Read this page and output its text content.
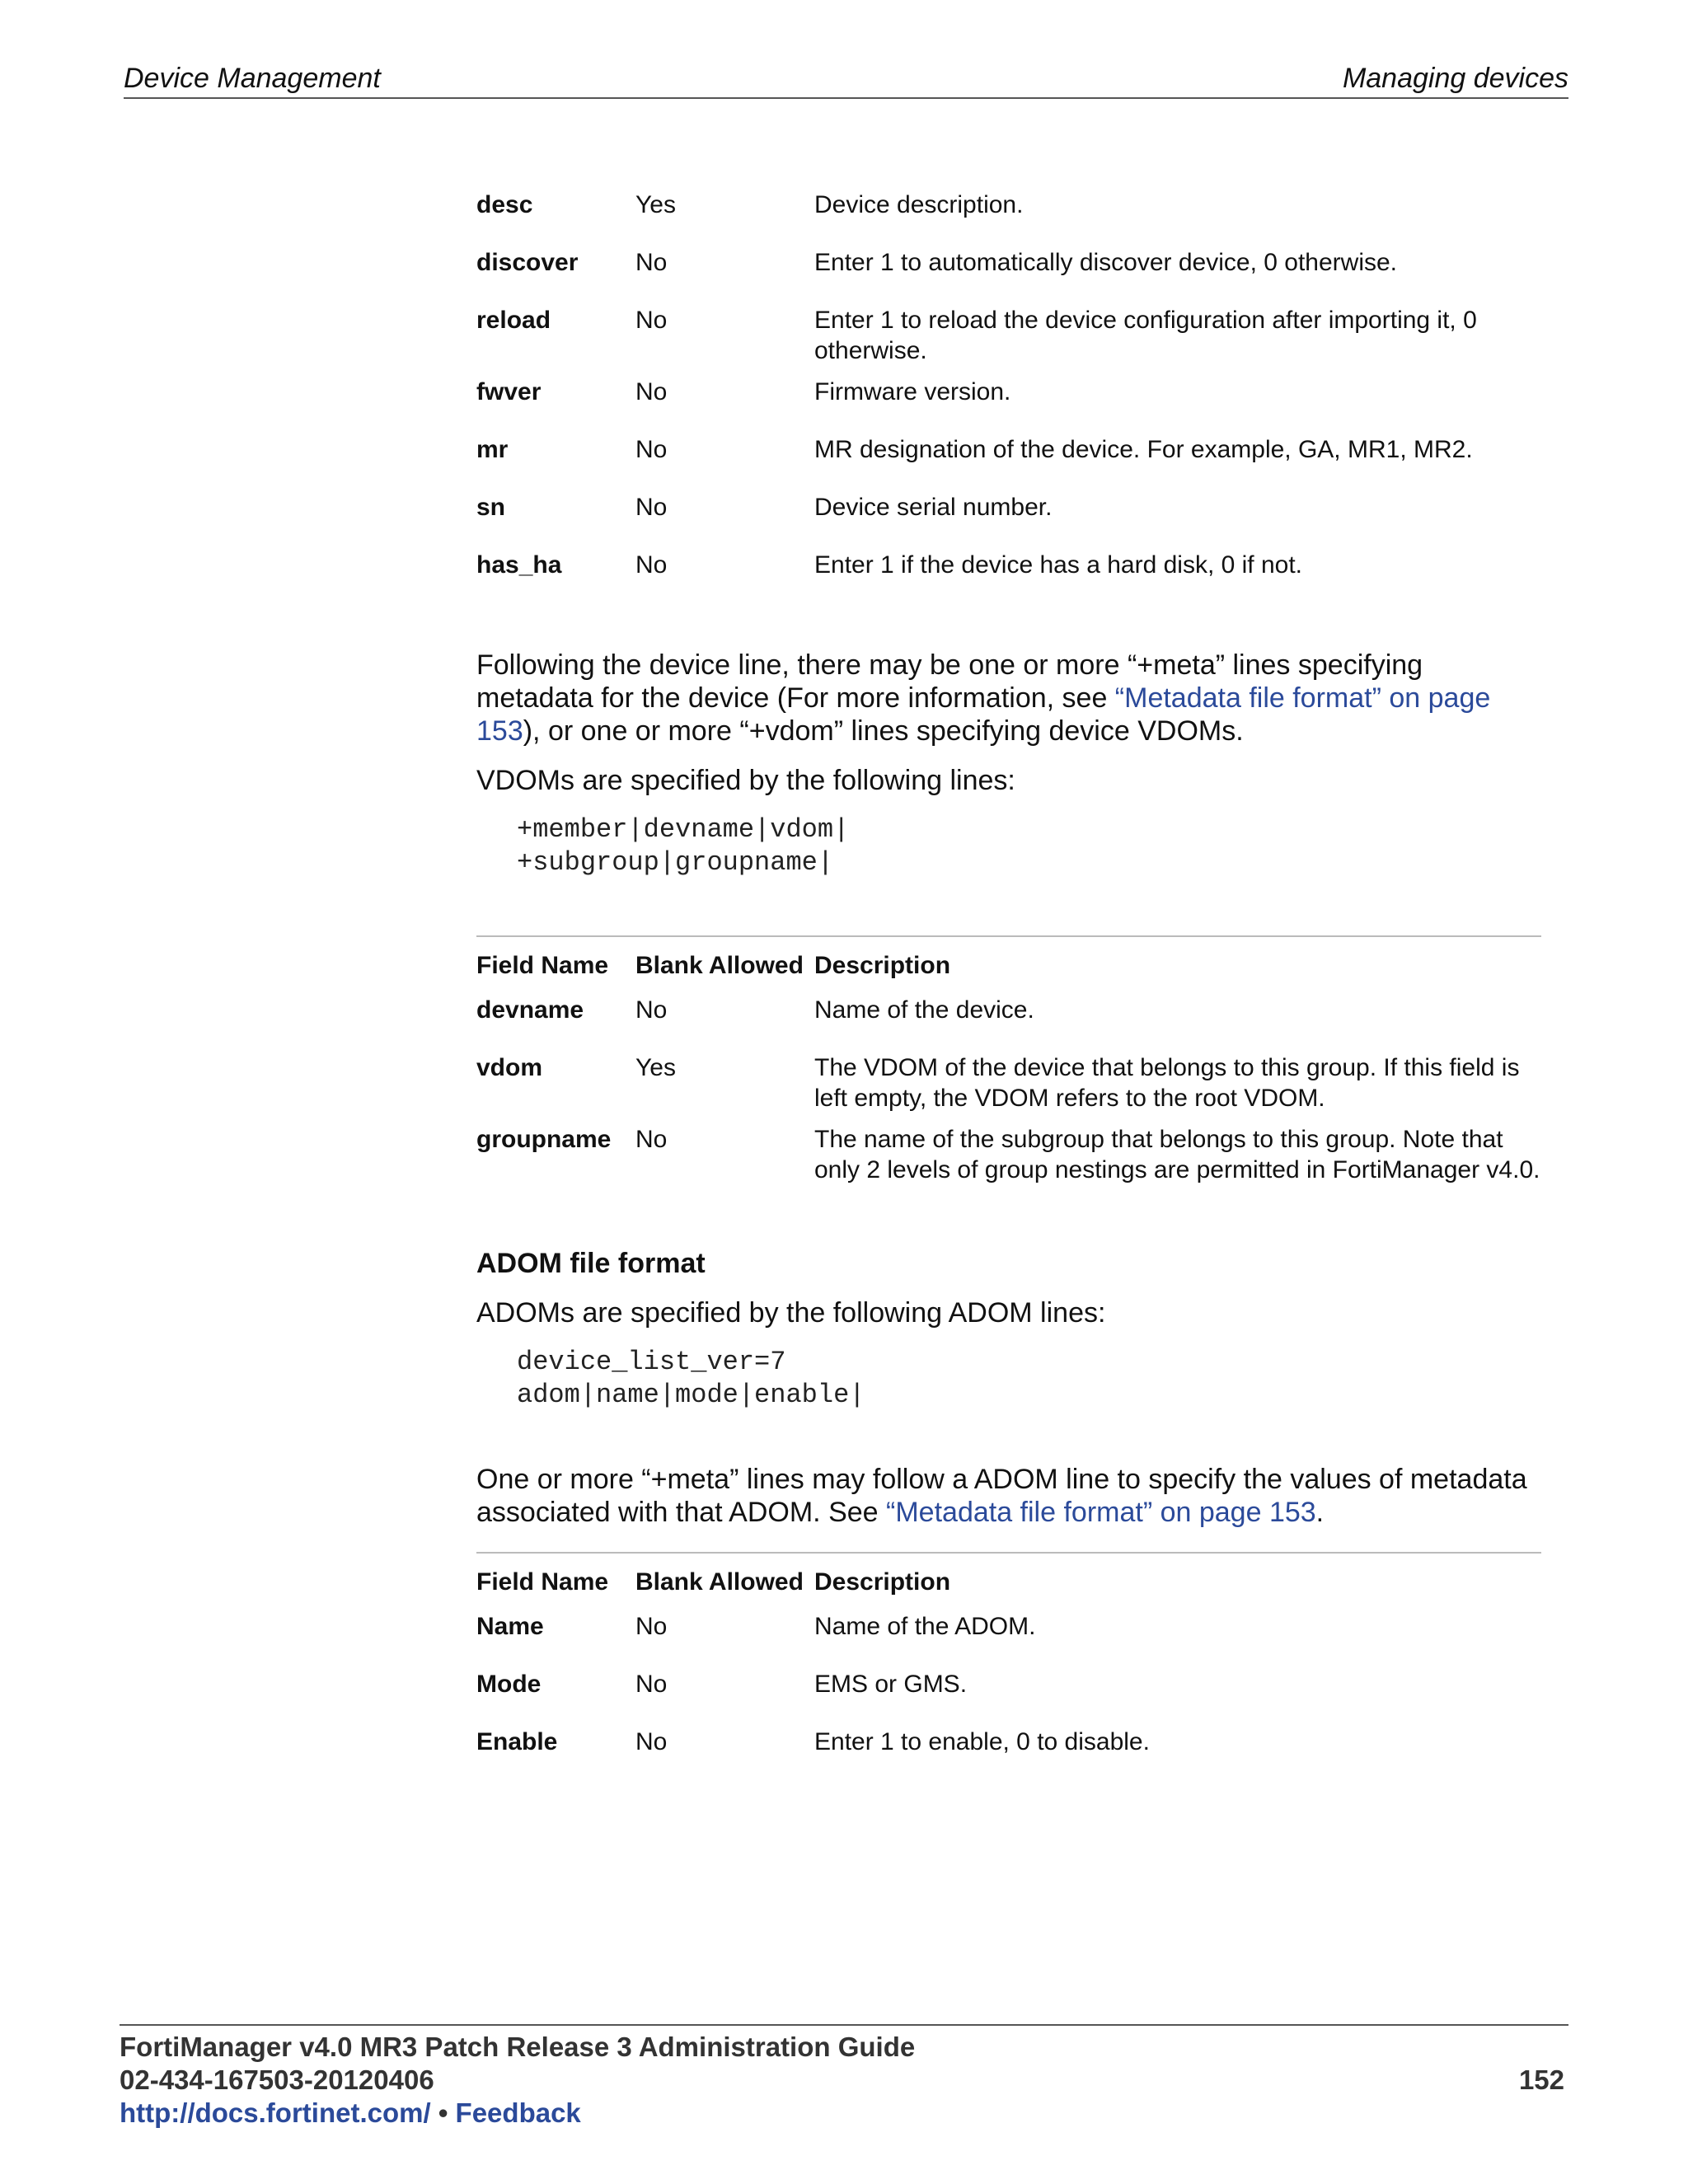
Device Management	Managing devices
desc	Yes	Device description.
discover	No	Enter 1 to automatically discover device, 0 otherwise.
reload	No	Enter 1 to reload the device configuration after importing it, 0 otherwise.
fwver	No	Firmware version.
mr	No	MR designation of the device. For example, GA, MR1, MR2.
sn	No	Device serial number.
has_ha	No	Enter 1 if the device has a hard disk, 0 if not.

Following the device line, there may be one or more “+meta” lines specifying metadata for the device (For more information, see “Metadata file format” on page 153), or one or more “+vdom” lines specifying device VDOMs.

VDOMs are specified by the following lines:

+member|devname|vdom|
+subgroup|groupname|
Field Name	Blank Allowed Description
devname	No	Name of the device.
vdom	Yes	The VDOM of the device that belongs to this group. If this field is left empty, the VDOM refers to the root VDOM.
groupname No	The name of the subgroup that belongs to this group. Note that only 2 levels of group nestings are permitted in FortiManager v4.0.
ADOM file format

ADOMs are specified by the following ADOM lines:

device_list_ver=7
adom|name|mode|enable|

One or more “+meta” lines may follow a ADOM line to specify the values of metadata associated with that ADOM. See “Metadata file format” on page 153.

Field Name	Blank Allowed Description
Name	No	Name of the ADOM.
Mode	No	EMS or GMS.
Enable	No	Enter 1 to enable, 0 to disable.
FortiManager v4.0 MR3 Patch Release 3 Administration Guide
02-434-167503-20120406
http://docs.fortinet.com/ • Feedback
152
